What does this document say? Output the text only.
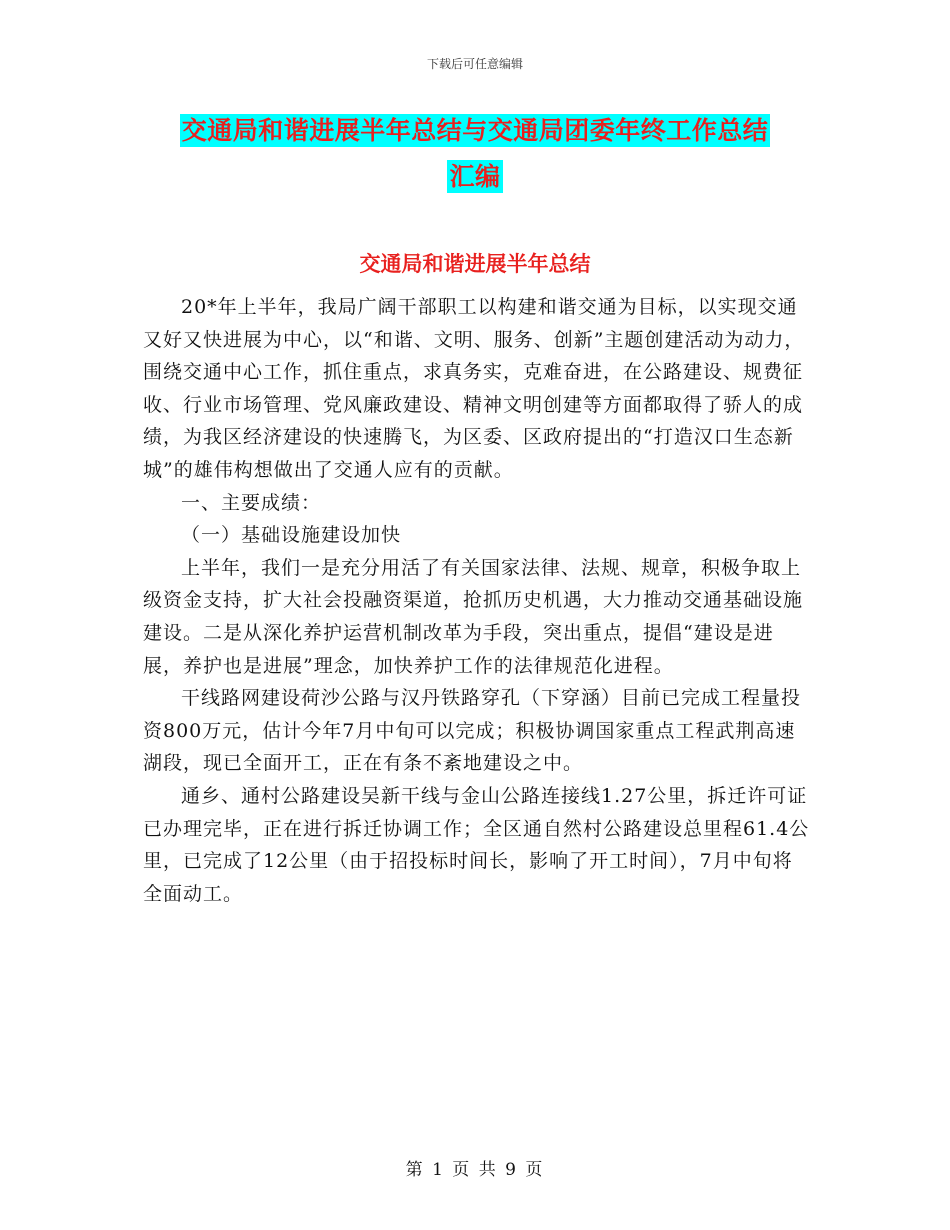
下载后可任意编辑
交通局和谐进展半年总结与交通局团委年终工作总结
汇编
交通局和谐进展半年总结

20*年上半年，我局广阔干部职工以构建和谐交通为目标，以实现交通又好又快进展为中心，以“和谐、文明、服务、创新”主题创建活动为动力，围绕交通中心工作，抓住重点，求真务实，克难奋进，在公路建设、规费征收、行业市场管理、党风廉政建设、精神文明创建等方面都取得了骄人的成绩，为我区经济建设的快速腾飞，为区委、区政府提出的“打造汉口生态新城”的雄伟构想做出了交通人应有的贡献。

一、主要成绩：

（一）基础设施建设加快

上半年，我们一是充分用活了有关国家法律、法规、规章，积极争取上级资金支持，扩大社会投融资渠道，抢抓历史机遇，大力推动交通基础设施建设。二是从深化养护运营机制改革为手段，突出重点，提倡“建设是进展，养护也是进展”理念，加快养护工作的法律规范化进程。

干线路网建设荷沙公路与汉丹铁路穿孔（下穿涵）目前已完成工程量投资800万元，估计今年7月中旬可以完成；积极协调国家重点工程武荆高速湖段，现已全面开工，正在有条不紊地建设之中。

通乡、通村公路建设吴新干线与金山公路连接线1.27公里，拆迁许可证已办理完毕，正在进行拆迁协调工作；全区通自然村公路建设总里程61.4公里，已完成了12公里（由于招投标时间长，影响了开工时间），7月中旬将全面动工。

第 1 页 共 9 页
